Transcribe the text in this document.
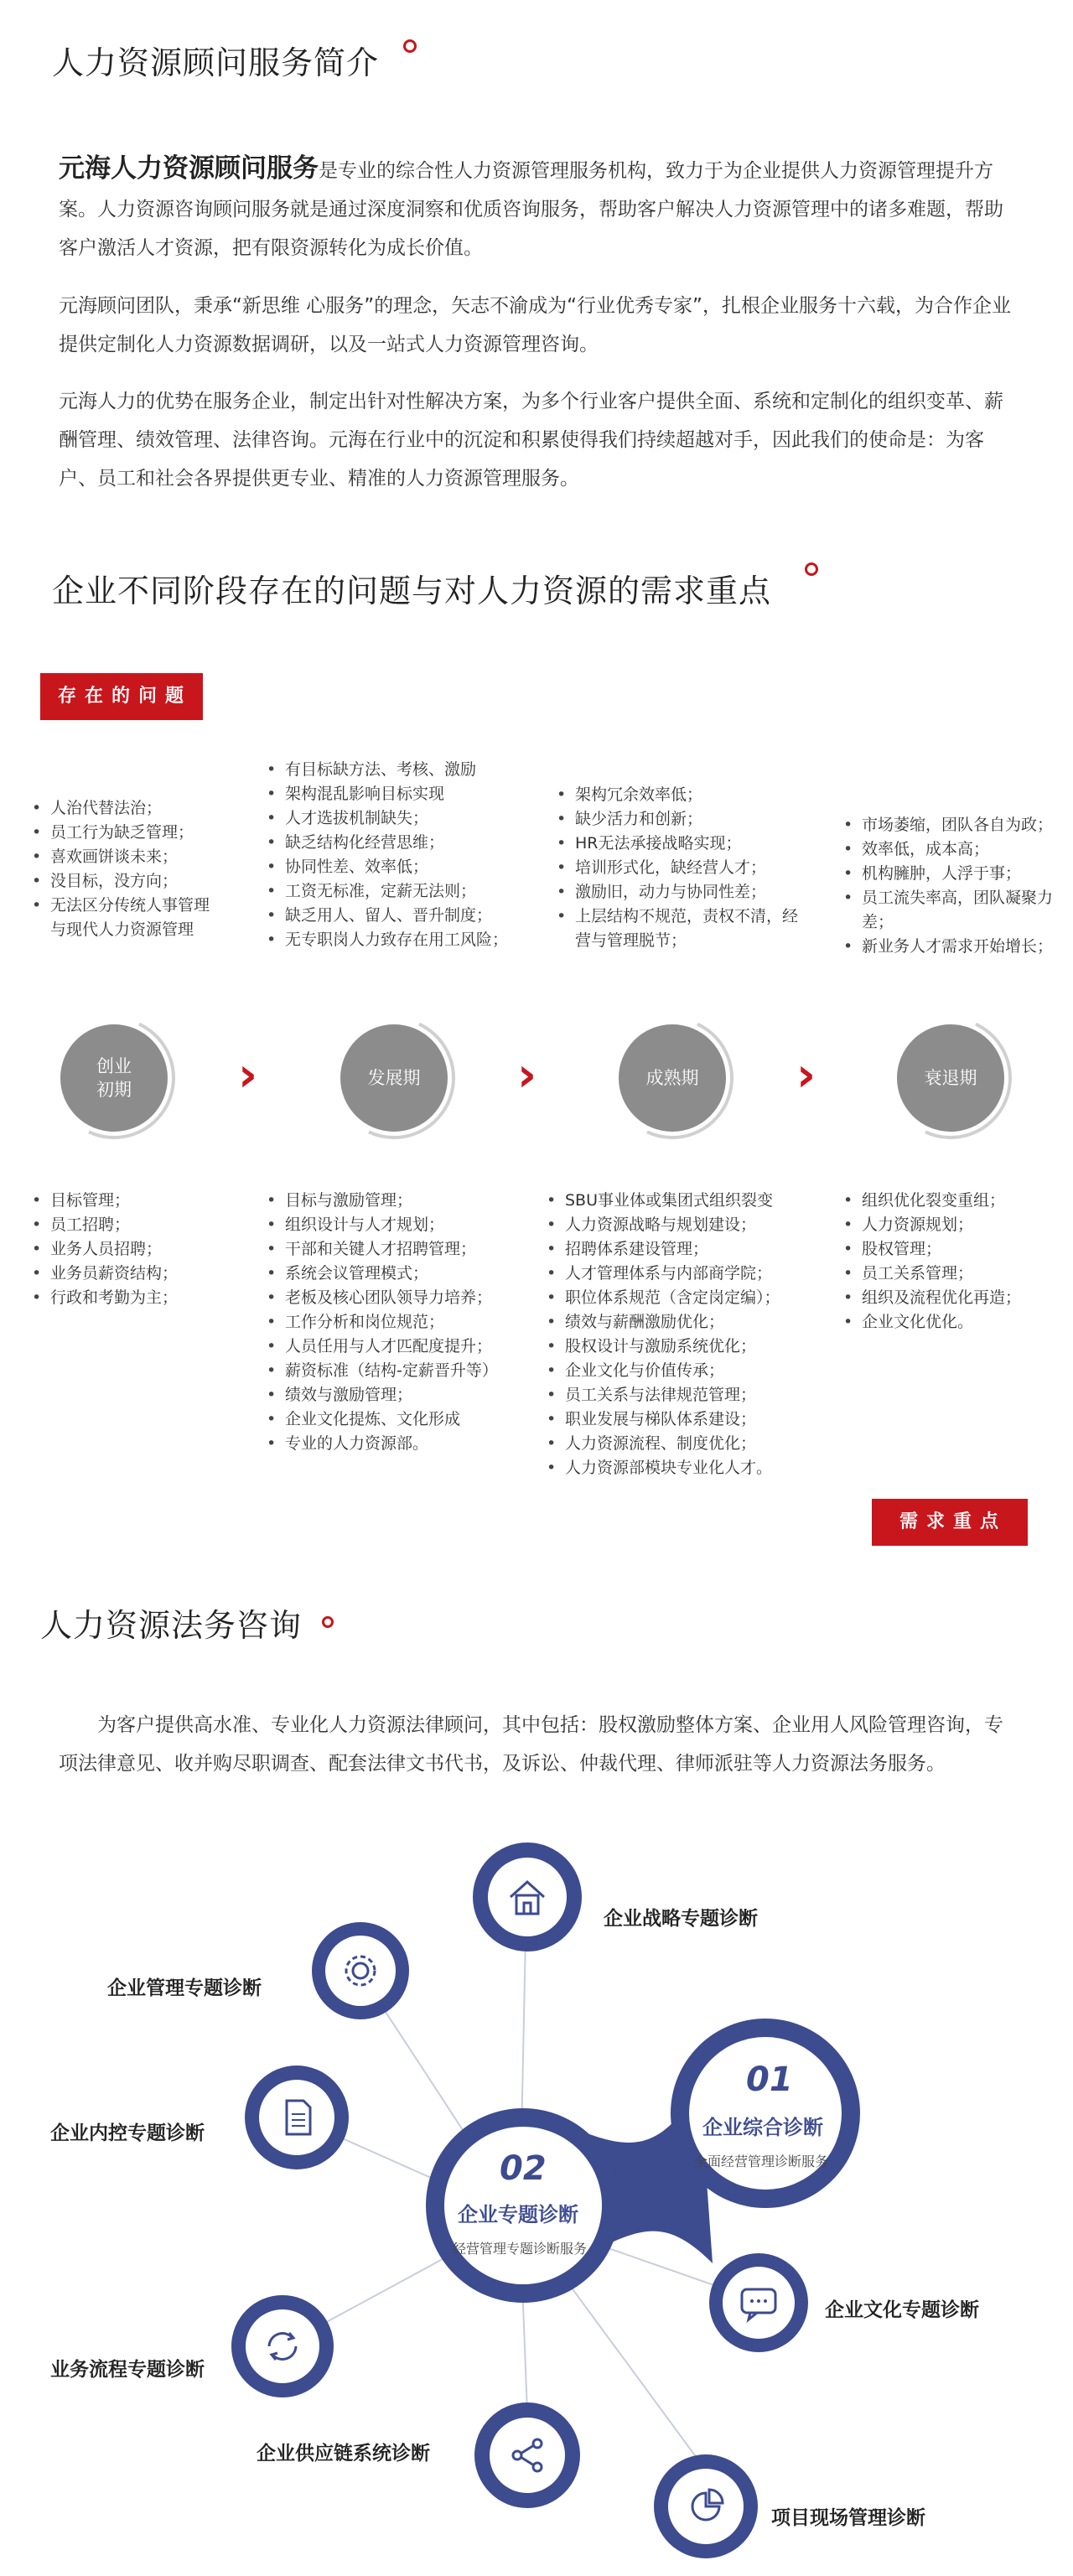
人力资源顾问服务简介

元海人力资源顾问服务是专业的综合性人力资源管理服务机构，致力于为企业提供人力资源管理提升方案。人力资源咨询顾问服务就是通过深度洞察和优质咨询服务，帮助客户解决人力资源管理中的诸多难题，帮助客户激活人才资源，把有限资源转化为成长价值。

元海顾问团队，秉承“新思维 心服务”的理念，矢志不渝成为“行业优秀专家”，扎根企业服务十六载，为合作企业提供定制化人力资源数据调研，以及一站式人力资源管理咨询。

元海人力的优势在服务企业，制定出针对性解决方案，为多个行业客户提供全面、系统和定制化的组织变革、薪酬管理、绩效管理、法律咨询。元海在行业中的沉淀和积累使得我们持续超越对手，因此我们的使命是：为客户、员工和社会各界提供更专业、精准的人力资源管理服务。

企业不同阶段存在的问题与对人力资源的需求重点
存在的问题
• 人治代替法治；
• 员工行为缺乏管理；
• 喜欢画饼谈未来；
• 没目标，没方向；
• 无法区分传统人事管理与现代人力资源管理
• 有目标缺方法、考核、激励
• 架构混乱影响目标实现
• 人才选拔机制缺失；
• 缺乏结构化经营思维；
• 协同性差、效率低；
• 工资无标准，定薪无法则；
• 缺乏用人、留人、晋升制度；
• 无专职岗人力致存在用工风险；
• 架构冗余效率低；
• 缺少活力和创新；
• HR无法承接战略实现；
• 培训形式化，缺经营人才；
• 激励旧，动力与协同性差；
• 上层结构不规范，责权不清，经营与管理脱节；
• 市场萎缩，团队各自为政；
• 效率低，成本高；
• 机构臃肿，人浮于事；
• 员工流失率高，团队凝聚力差；
• 新业务人才需求开始增长；
创业
初期	›	发展期	›	成熟期	›	衰退期
• 目标管理；
• 员工招聘；
• 业务人员招聘；
• 业务员薪资结构；
• 行政和考勤为主；
• 目标与激励管理；
• 组织设计与人才规划；
• 干部和关键人才招聘管理；
• 系统会议管理模式；
• 老板及核心团队领导力培养；
• 工作分析和岗位规范；
• 人员任用与人才匹配度提升；
• 薪资标准（结构-定薪晋升等）
• 绩效与激励管理；
• 企业文化提炼、文化形成
• 专业的人力资源部。
• SBU事业体或集团式组织裂变
• 人力资源战略与规划建设；
• 招聘体系建设管理；
• 人才管理体系与内部商学院；
• 职位体系规范（含定岗定编）；
• 绩效与薪酬激励优化；
• 股权设计与激励系统优化；
• 企业文化与价值传承；
• 员工关系与法律规范管理；
• 职业发展与梯队体系建设；
• 人力资源流程、制度优化；
• 人力资源部模块专业化人才。
• 组织优化裂变重组；
• 人力资源规划；
• 股权管理；
• 员工关系管理；
• 组织及流程优化再造；
• 企业文化优化。
需求重点
人力资源法务咨询

为客户提供高水准、专业化人力资源法律顾问，其中包括：股权激励整体方案、企业用人风险管理咨询，专项法律意见、收并购尽职调查、配套法律文书代书，及诉讼、仲裁代理、律师派驻等人力资源法务服务。

01
企业综合诊断
全面经营管理诊断服务
02
企业专题诊断
经营管理专题诊断服务
企业战略专题诊断
企业管理专题诊断
企业内控专题诊断
企业文化专题诊断
业务流程专题诊断
企业供应链系统诊断
项目现场管理诊断
